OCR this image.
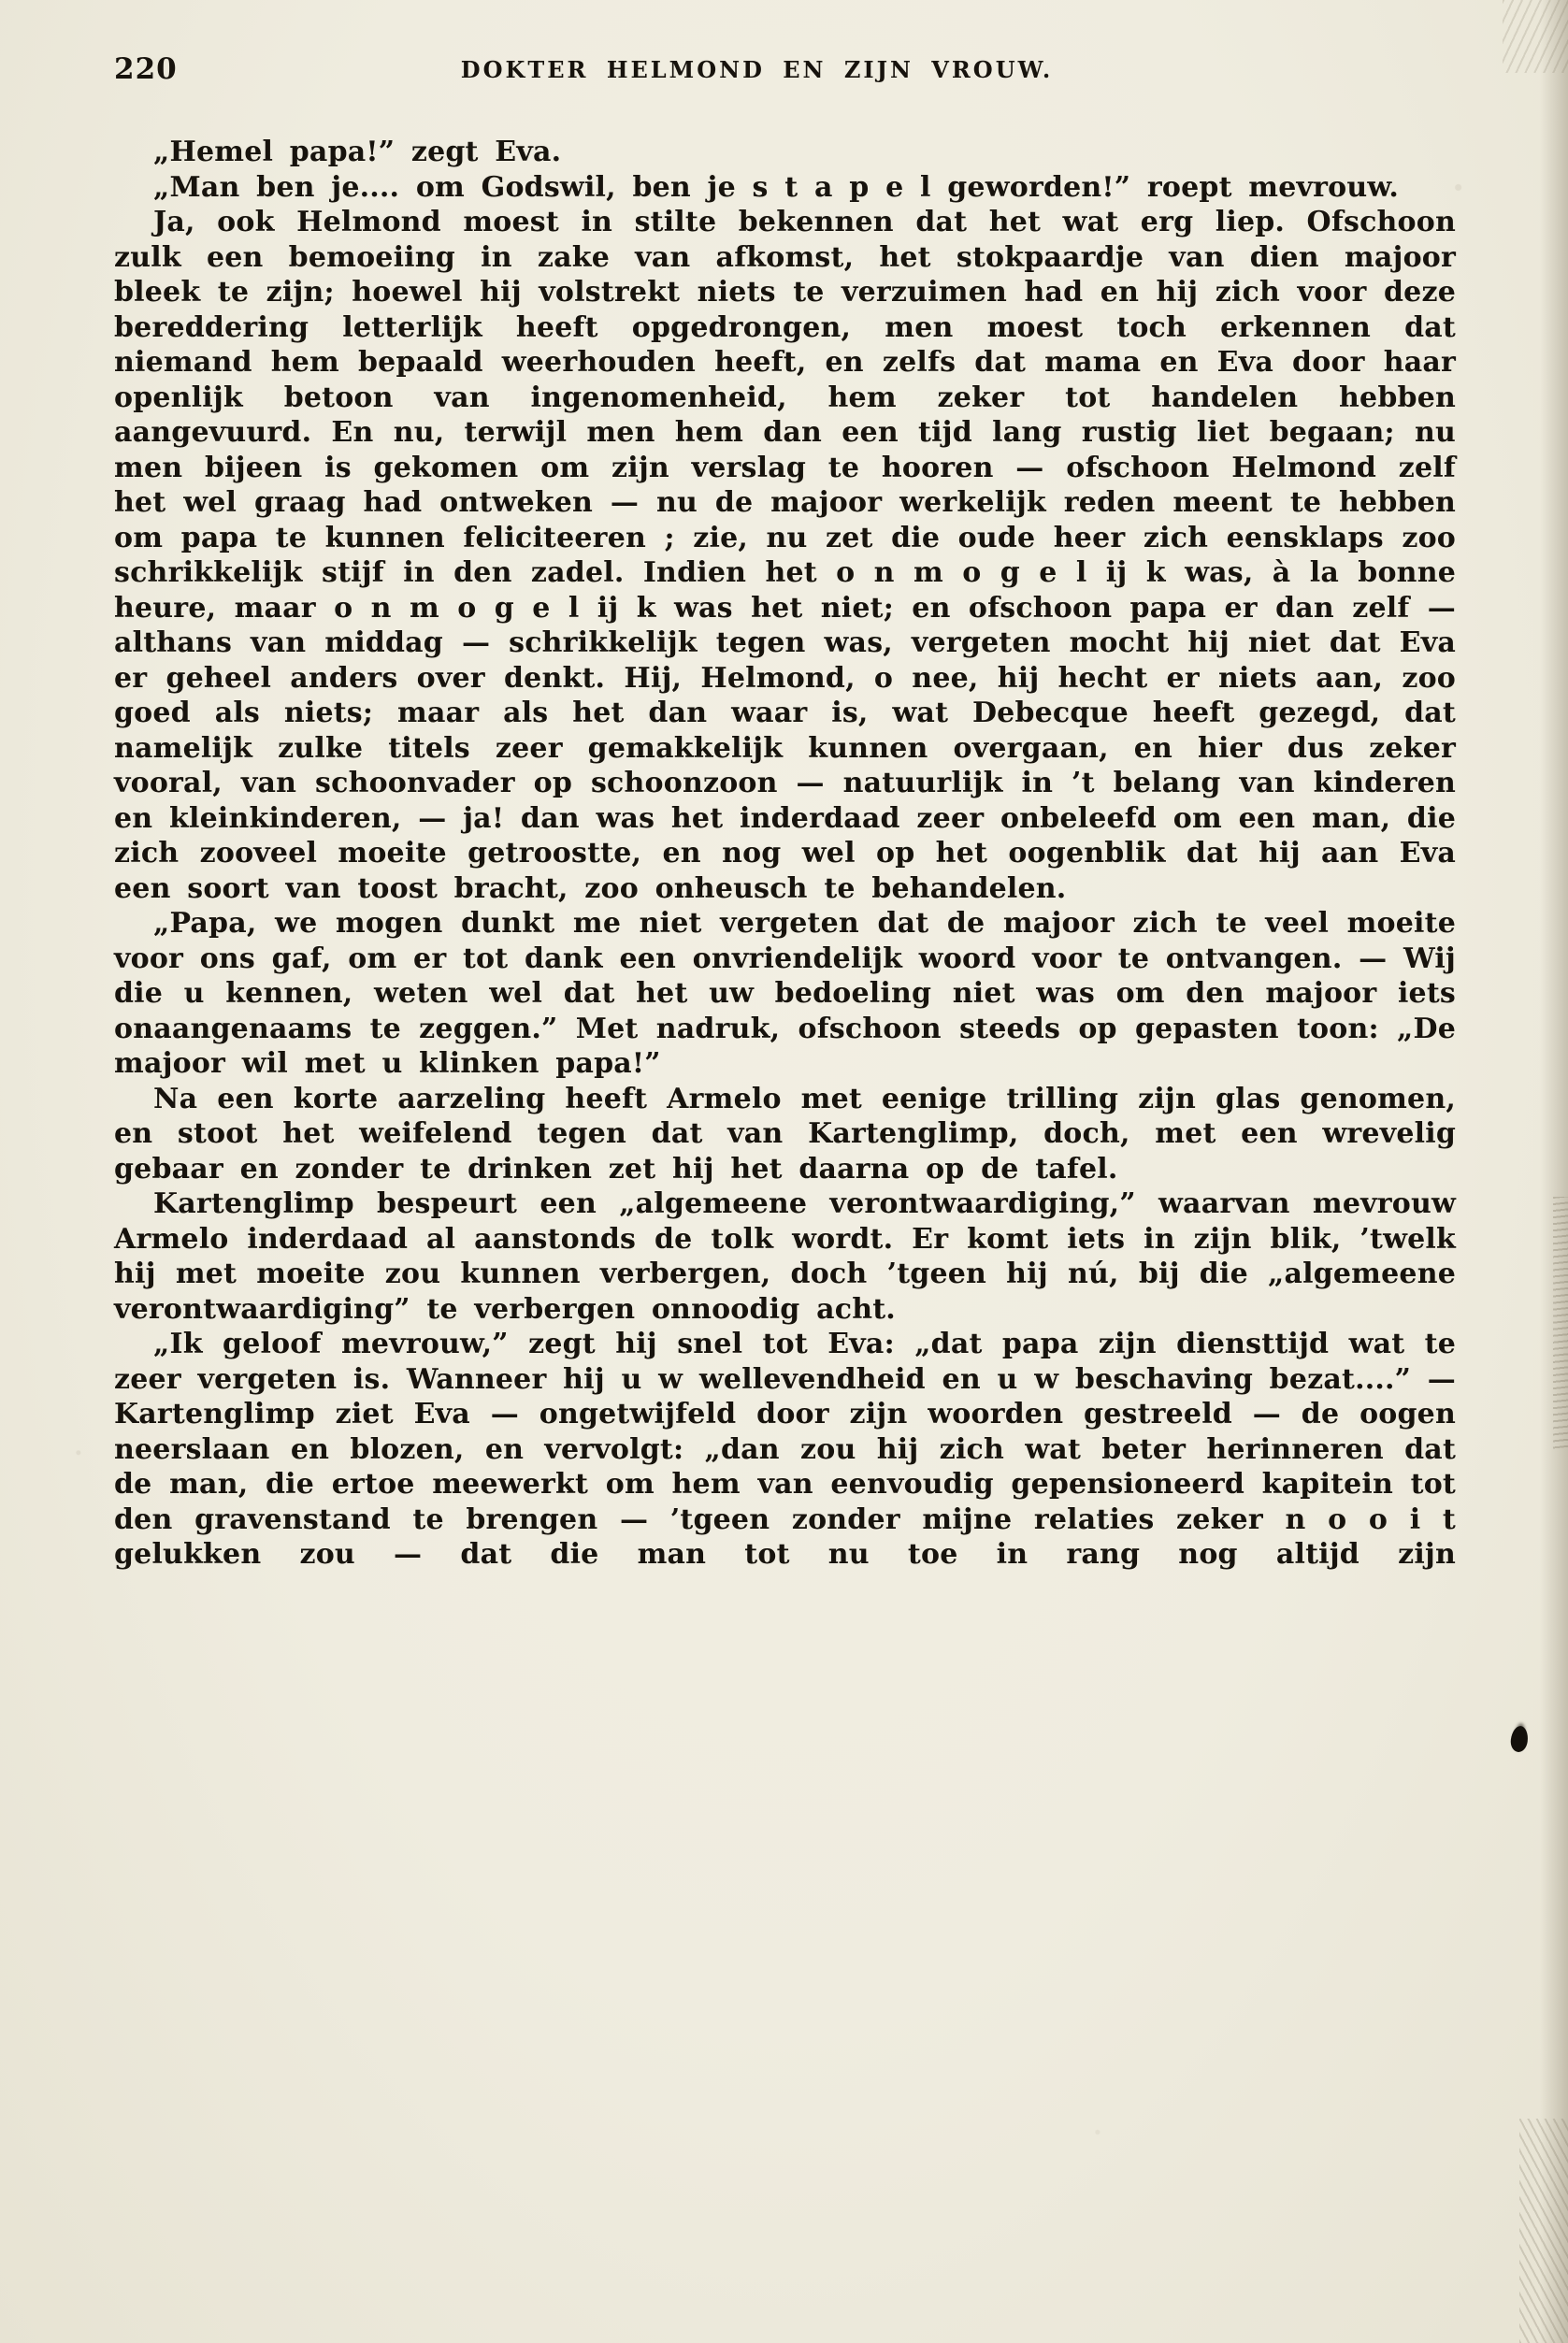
220	DOKTER HELMOND EN ZIJN VROUW.

„Hemel papa!” zegt Eva.

„Man ben je.... om Godswil, ben je s t a p e l geworden!” roept mevrouw.

Ja, ook Helmond moest in stilte bekennen dat het wat erg liep. Ofschoon zulk een bemoeiing in zake van afkomst, het stokpaardje van dien majoor bleek te zijn; hoewel hij volstrekt niets te verzuimen had en hij zich voor deze bereddering letterlijk heeft opgedrongen, men moest toch erkennen dat niemand hem bepaald weerhouden heeft, en zelfs dat mama en Eva door haar openlijk betoon van ingenomenheid, hem zeker tot handelen hebben aangevuurd. En nu, terwijl men hem dan een tijd lang rustig liet begaan; nu men bijeen is gekomen om zijn verslag te hooren — ofschoon Helmond zelf het wel graag had ontweken — nu de majoor werkelijk reden meent te hebben om papa te kunnen feliciteeren ; zie, nu zet die oude heer zich eensklaps zoo schrikkelijk stijf in den zadel. Indien het o n m o g e l ij k was, à la bonne heure, maar o n m o g e l ij k was het niet; en ofschoon papa er dan zelf — althans van middag — schrikkelijk tegen was, vergeten mocht hij niet dat Eva er geheel anders over denkt. Hij, Helmond, o nee, hij hecht er niets aan, zoo goed als niets; maar als het dan waar is, wat Debecque heeft gezegd, dat namelijk zulke titels zeer gemakkelijk kunnen overgaan, en hier dus zeker vooral, van schoonvader op schoonzoon — natuurlijk in ’t belang van kinderen en kleinkinderen, — ja! dan was het inderdaad zeer onbeleefd om een man, die zich zooveel moeite getroostte, en nog wel op het oogenblik dat hij aan Eva een soort van toost bracht, zoo onheusch te behandelen.

„Papa, we mogen dunkt me niet vergeten dat de majoor zich te veel moeite voor ons gaf, om er tot dank een onvriendelijk woord voor te ontvangen. — Wij die u kennen, weten wel dat het uw bedoeling niet was om den majoor iets onaangenaams te zeggen.” Met nadruk, ofschoon steeds op gepasten toon: „De majoor wil met u klinken papa!”

Na een korte aarzeling heeft Armelo met eenige trilling zijn glas genomen, en stoot het weifelend tegen dat van Kartenglimp, doch, met een wrevelig gebaar en zonder te drinken zet hij het daarna op de tafel.

Kartenglimp bespeurt een „algemeene verontwaardiging,” waarvan mevrouw Armelo inderdaad al aanstonds de tolk wordt. Er komt iets in zijn blik, ’twelk hij met moeite zou kunnen verbergen, doch ’tgeen hij nú, bij die „algemeene verontwaardiging” te verbergen onnoodig acht.

„Ik geloof mevrouw,” zegt hij snel tot Eva: „dat papa zijn diensttijd wat te zeer vergeten is. Wanneer hij u w wellevendheid en u w beschaving bezat....” — Kartenglimp ziet Eva — ongetwijfeld door zijn woorden gestreeld — de oogen neerslaan en blozen, en vervolgt: „dan zou hij zich wat beter herinneren dat de man, die ertoe meewerkt om hem van eenvoudig gepensioneerd kapitein tot den gravenstand te brengen — ’tgeen zonder mijne relaties zeker n o o i t gelukken zou — dat die man tot nu toe in rang nog altijd zijn
